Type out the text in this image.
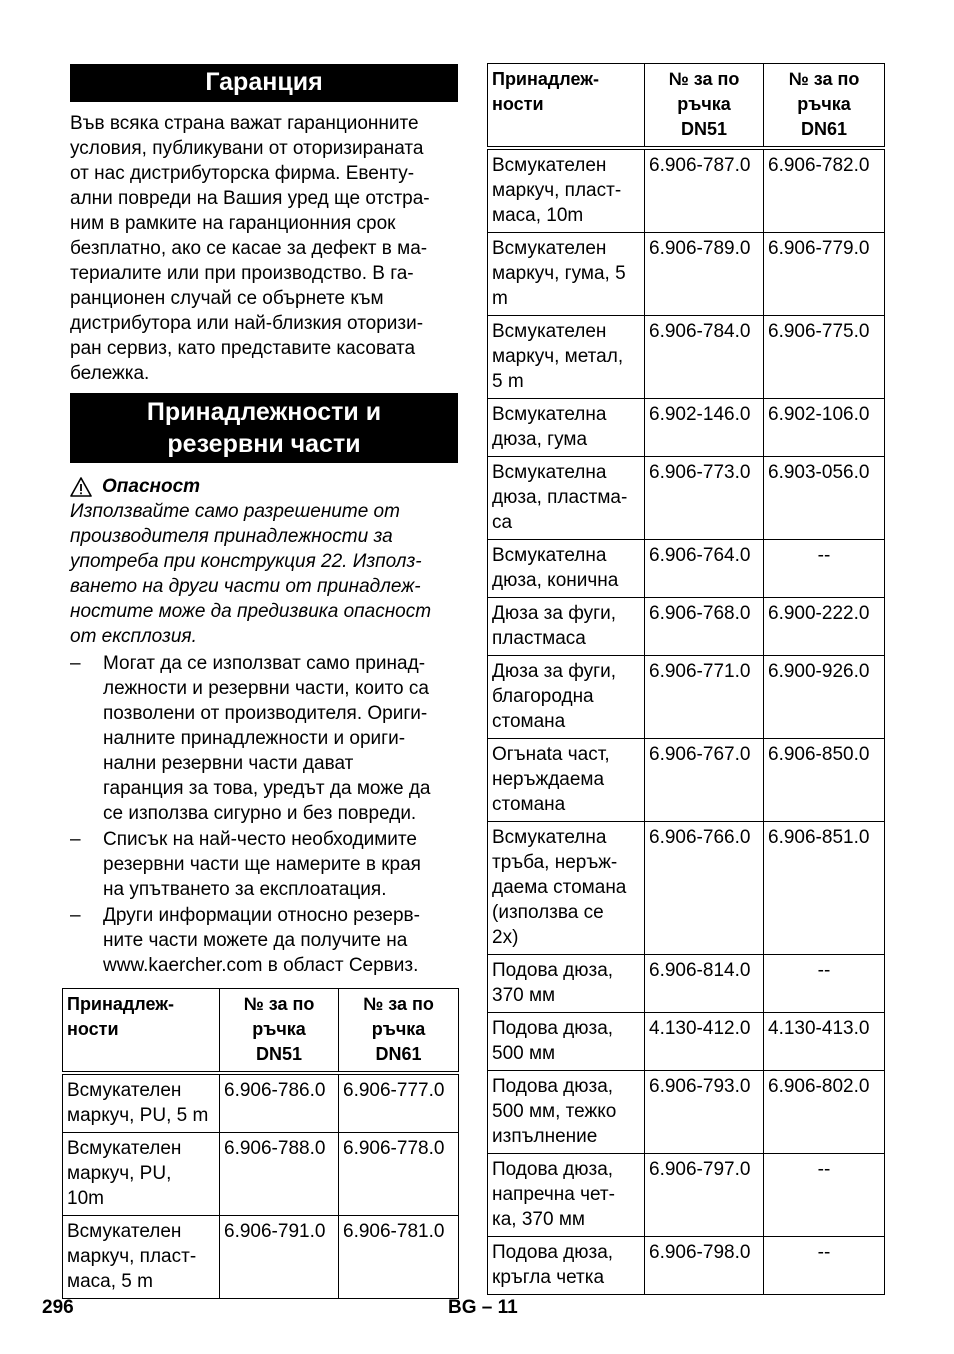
Гаранция

Във всяка страна важат гаранционните
условия, публикувани от оторизираната
от нас дистрибуторска фирма. Евенту-
ални повреди на Вашия уред ще отстра-
ним в рамките на гаранционния срок
безплатно, ако се касае за дефект в ма-
териалите или при производство. В га-
ранционен случай се обърнете към
дистрибутора или най-близкия оторизи-
ран сервиз, като представите касовата
бележка.

Принадлежности и
резервни части
Опасност
Използвайте само разрешените от
производителя принадлежности за
употреба при конструкция 22. Използ-
ването на други части от принадлеж-
ностите може да предизвика опасност
от експлозия.
– Могат да се използват само принад-
лежности и резервни части, които са
позволени от производителя. Ориги-
налните принадлежности и ориги-
нални резервни части дават
гаранция за това, уредът да може да
се използва сигурно и без повреди.
– Списък на най-често необходимите
резервни части ще намерите в края
на упътването за експлоатация.
– Други информации относно резерв-
ните части можете да получите на
www.kaercher.com в област Сервиз.
Принадлеж-
ности	№ за по
ръчка
DN51	№ за по
ръчка
DN61
Всмукателен
маркуч, PU, 5 m	6.906-786.0	6.906-777.0
Всмукателен
маркуч, PU,
10m	6.906-788.0	6.906-778.0
Всмукателен
маркуч, пласт-
маса, 5 m	6.906-791.0	6.906-781.0
Принадлеж-
ности	№ за по
ръчка
DN51	№ за по
ръчка
DN61
Всмукателен
маркуч, пласт-
маса, 10m	6.906-787.0	6.906-782.0
Всмукателен
маркуч, гума, 5
m	6.906-789.0	6.906-779.0
Всмукателен
маркуч, метал,
5 m	6.906-784.0	6.906-775.0
Всмукателна
дюза, гума	6.902-146.0	6.902-106.0
Всмукателна
дюза, пластма-
са	6.906-773.0	6.903-056.0
Всмукателна
дюза, конична	6.906-764.0	--
Дюза за фуги,
пластмаса	6.906-768.0	6.900-222.0
Дюза за фуги,
благородна
стомана	6.906-771.0	6.900-926.0
Огънаta част,
неръждаема
стомана	6.906-767.0	6.906-850.0
Всмукателна
тръба, неръж-
даема стомана
(използва се
2x)	6.906-766.0	6.906-851.0
Подова дюза,
370 мм	6.906-814.0	--
Подова дюза,
500 мм	4.130-412.0	4.130-413.0
Подова дюза,
500 мм, тежко
изпълнение	6.906-793.0	6.906-802.0
Подова дюза,
напречна чет-
ка, 370 мм	6.906-797.0	--
Подова дюза,
кръгла четка	6.906-798.0	--
296	BG – 11
